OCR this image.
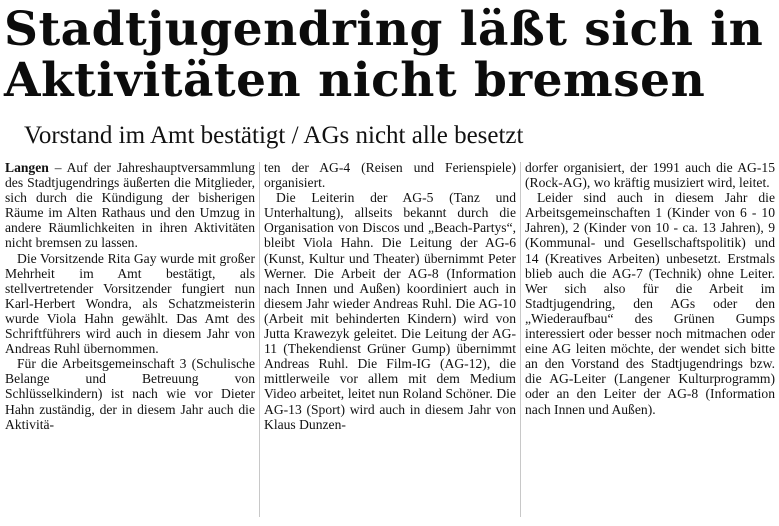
Stadtjugendring läßt sich in
Aktivitäten nicht bremsen
Vorstand im Amt bestätigt / AGs nicht alle besetzt

Langen – Auf der Jahreshauptversammlung des Stadtjugendrings äußerten die Mitglieder, sich durch die Kündigung der bisherigen Räume im Alten Rathaus und den Umzug in andere Räumlichkeiten in ihren Aktivitäten nicht bremsen zu lassen.

Die Vorsitzende Rita Gay wurde mit großer Mehrheit im Amt bestätigt, als stellvertretender Vorsitzender fungiert nun Karl-Herbert Wondra, als Schatzmeisterin wurde Viola Hahn gewählt. Das Amt des Schriftführers wird auch in diesem Jahr von Andreas Ruhl übernommen.

Für die Arbeitsgemeinschaft 3 (Schulische Belange und Betreuung von Schlüsselkindern) ist nach wie vor Dieter Hahn zuständig, der in diesem Jahr auch die Aktivitä-

ten der AG-4 (Reisen und Ferienspiele) organisiert.

Die Leiterin der AG-5 (Tanz und Unterhaltung), allseits bekannt durch die Organisation von Discos und „Beach-Partys“, bleibt Viola Hahn. Die Leitung der AG-6 (Kunst, Kultur und Theater) übernimmt Peter Werner. Die Arbeit der AG-8 (Information nach Innen und Außen) koordiniert auch in diesem Jahr wieder Andreas Ruhl. Die AG-10 (Arbeit mit behinderten Kindern) wird von Jutta Krawezyk geleitet. Die Leitung der AG-11 (Thekendienst Grüner Gump) übernimmt Andreas Ruhl. Die Film-IG (AG-12), die mittlerweile vor allem mit dem Medium Video arbeitet, leitet nun Roland Schöner. Die AG-13 (Sport) wird auch in diesem Jahr von Klaus Dunzen-

dorfer organisiert, der 1991 auch die AG-15 (Rock-AG), wo kräftig musiziert wird, leitet.

Leider sind auch in diesem Jahr die Arbeitsgemeinschaften 1 (Kinder von 6 - 10 Jahren), 2 (Kinder von 10 - ca. 13 Jahren), 9 (Kommunal- und Gesellschaftspolitik) und 14 (Kreatives Arbeiten) unbesetzt. Erstmals blieb auch die AG-7 (Technik) ohne Leiter. Wer sich also für die Arbeit im Stadtjugendring, den AGs oder den „Wiederaufbau“ des Grünen Gumps interessiert oder besser noch mitmachen oder eine AG leiten möchte, der wendet sich bitte an den Vorstand des Stadtjugendrings bzw. die AG-Leiter (Langener Kulturprogramm) oder an den Leiter der AG-8 (Information nach Innen und Außen).
